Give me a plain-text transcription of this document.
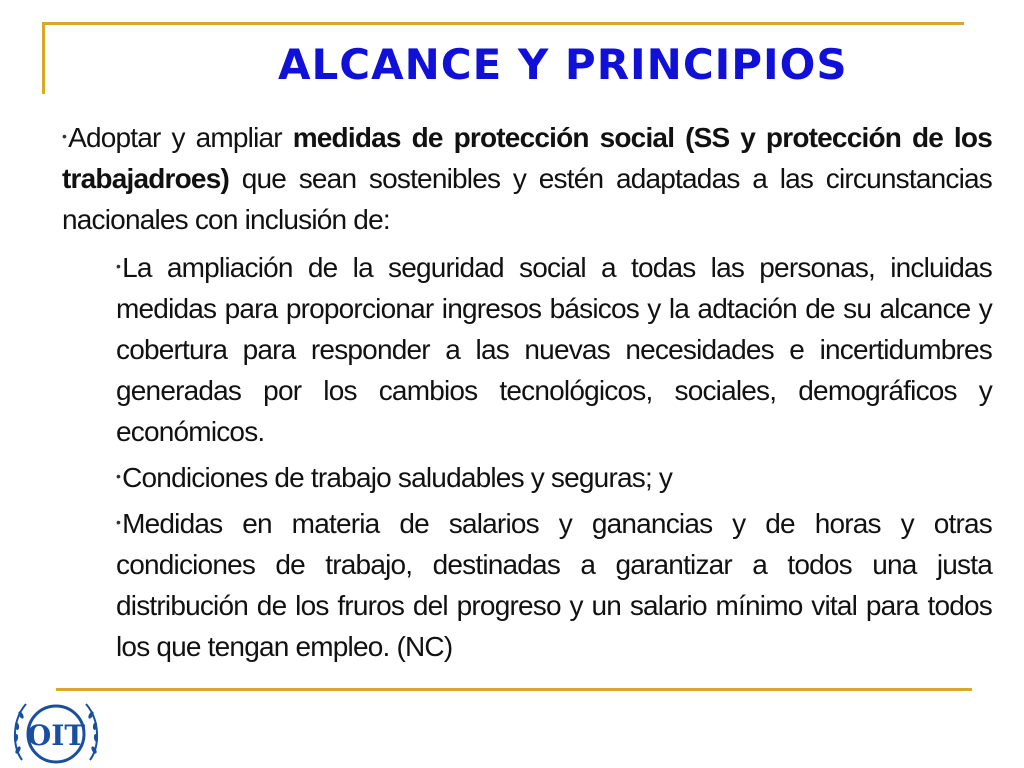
ALCANCE Y PRINCIPIOS

•Adoptar y ampliar medidas de protección social (SS y protección de los trabajadroes) que sean sostenibles y estén adaptadas a las circunstancias nacionales con inclusión de:

•La ampliación de la seguridad social a todas las personas, incluidas medidas para proporcionar ingresos básicos y la adtación de su alcance y cobertura para responder a las nuevas necesidades e incertidumbres generadas por los cambios tecnológicos, sociales, demográficos y económicos.

•Condiciones de trabajo saludables y seguras; y

•Medidas en materia de salarios y ganancias y de horas y otras condiciones de trabajo, destinadas a garantizar a todos una justa distribución de los fruros del progreso y un salario mínimo vital para todos los que tengan empleo. (NC)

OIT
